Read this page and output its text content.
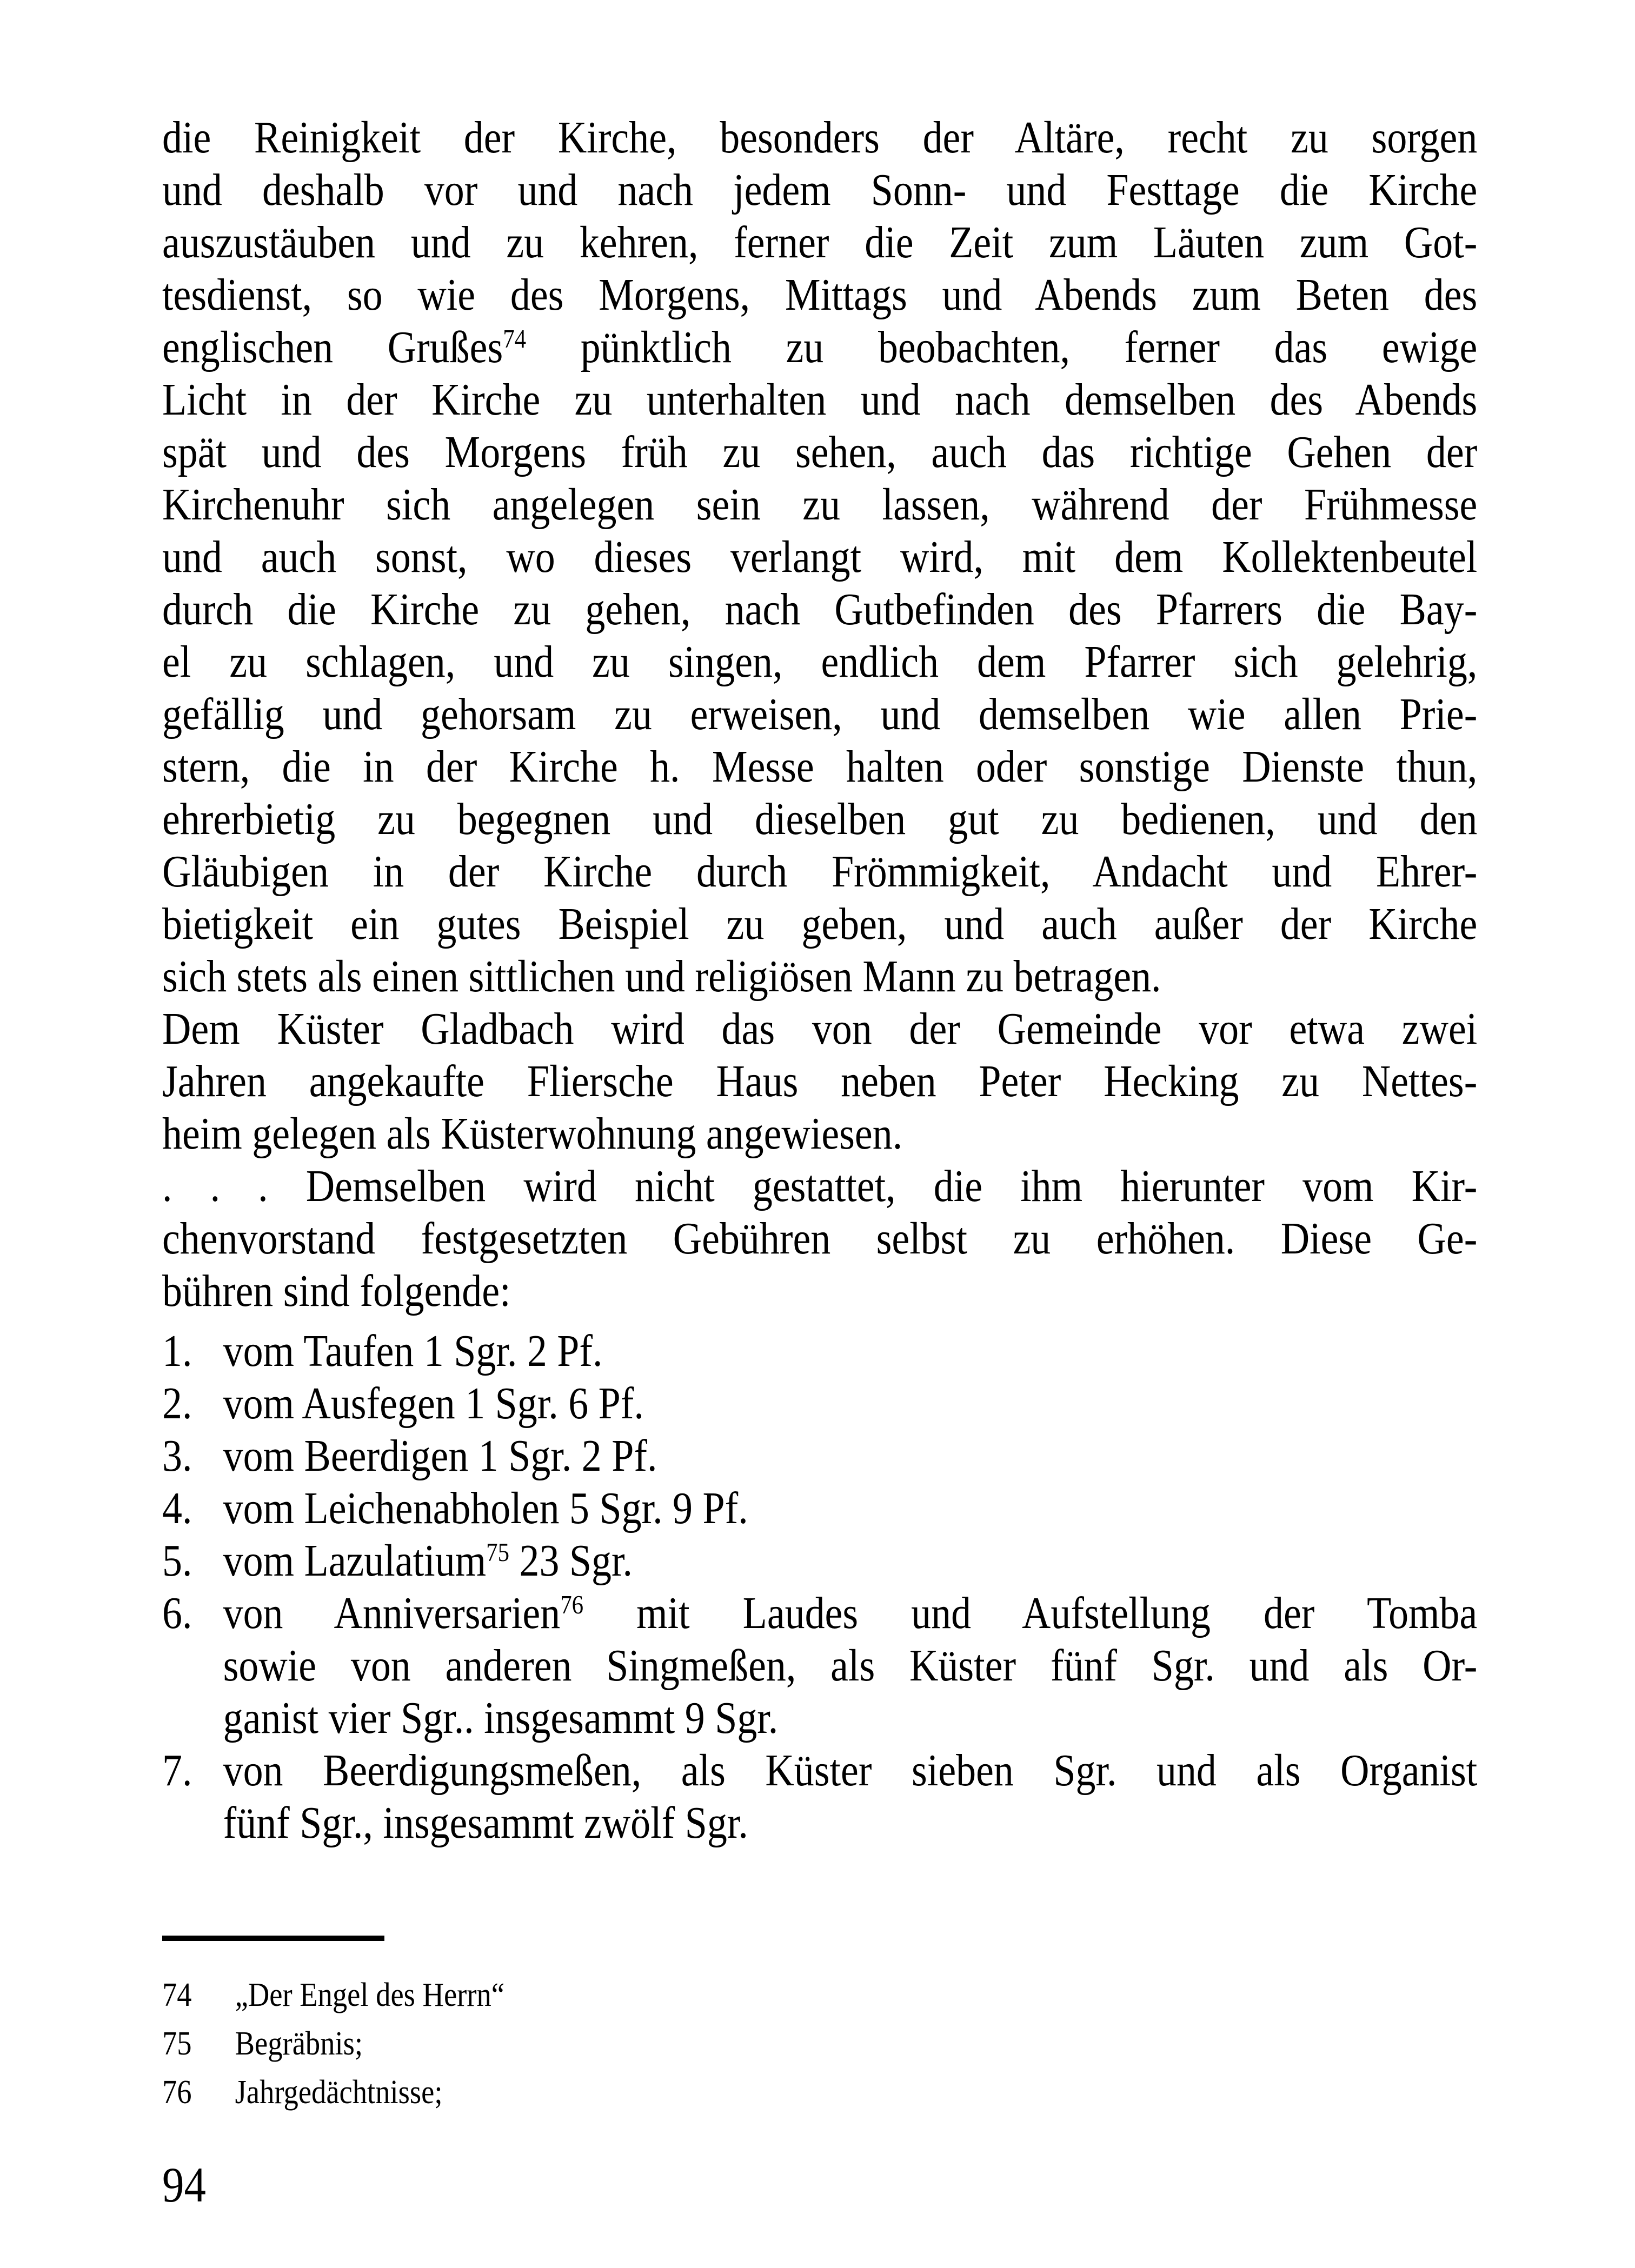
die Reinigkeit der Kirche, besonders der Altäre, recht zu sorgen
und deshalb vor und nach jedem Sonn- und Festtage die Kirche
auszustäuben und zu kehren, ferner die Zeit zum Läuten zum Got-
tesdienst, so wie des Morgens, Mittags und Abends zum Beten des
englischen Grußes$^{74}$ pünktlich zu beobachten, ferner das ewige
Licht in der Kirche zu unterhalten und nach demselben des Abends
spät und des Morgens früh zu sehen, auch das richtige Gehen der
Kirchenuhr sich angelegen sein zu lassen, während der Frühmesse
und auch sonst, wo dieses verlangt wird, mit dem Kollektenbeutel
durch die Kirche zu gehen, nach Gutbefinden des Pfarrers die Bay-
el zu schlagen, und zu singen, endlich dem Pfarrer sich gelehrig,
gefällig und gehorsam zu erweisen, und demselben wie allen Prie-
stern, die in der Kirche h. Messe halten oder sonstige Dienste thun,
ehrerbietig zu begegnen und dieselben gut zu bedienen, und den
Gläubigen in der Kirche durch Frömmigkeit, Andacht und Ehrer-
bietigkeit ein gutes Beispiel zu geben, und auch außer der Kirche
sich stets als einen sittlichen und religiösen Mann zu betragen.
Dem Küster Gladbach wird das von der Gemeinde vor etwa zwei
Jahren angekaufte Fliersche Haus neben Peter Hecking zu Nettes-
heim gelegen als Küsterwohnung angewiesen.
. . . Demselben wird nicht gestattet, die ihm hierunter vom Kir-
chenvorstand festgesetzten Gebühren selbst zu erhöhen. Diese Ge-
bühren sind folgende:
1. vom Taufen 1 Sgr. 2 Pf.
2. vom Ausfegen 1 Sgr. 6 Pf.
3. vom Beerdigen 1 Sgr. 2 Pf.
4. vom Leichenabholen 5 Sgr. 9 Pf.
5. vom Lazulatium$^{75}$ 23 Sgr.
6. von Anniversarien$^{76}$ mit Laudes und Aufstellung der Tomba
sowie von anderen Singmeßen, als Küster fünf Sgr. und als Or-
ganist vier Sgr.. insgesammt 9 Sgr.
7. von Beerdigungsmeßen, als Küster sieben Sgr. und als Organist
fünf Sgr., insgesammt zwölf Sgr.
74	„Der Engel des Herrn“
75	Begräbnis;
76	Jahrgedächtnisse;
94
